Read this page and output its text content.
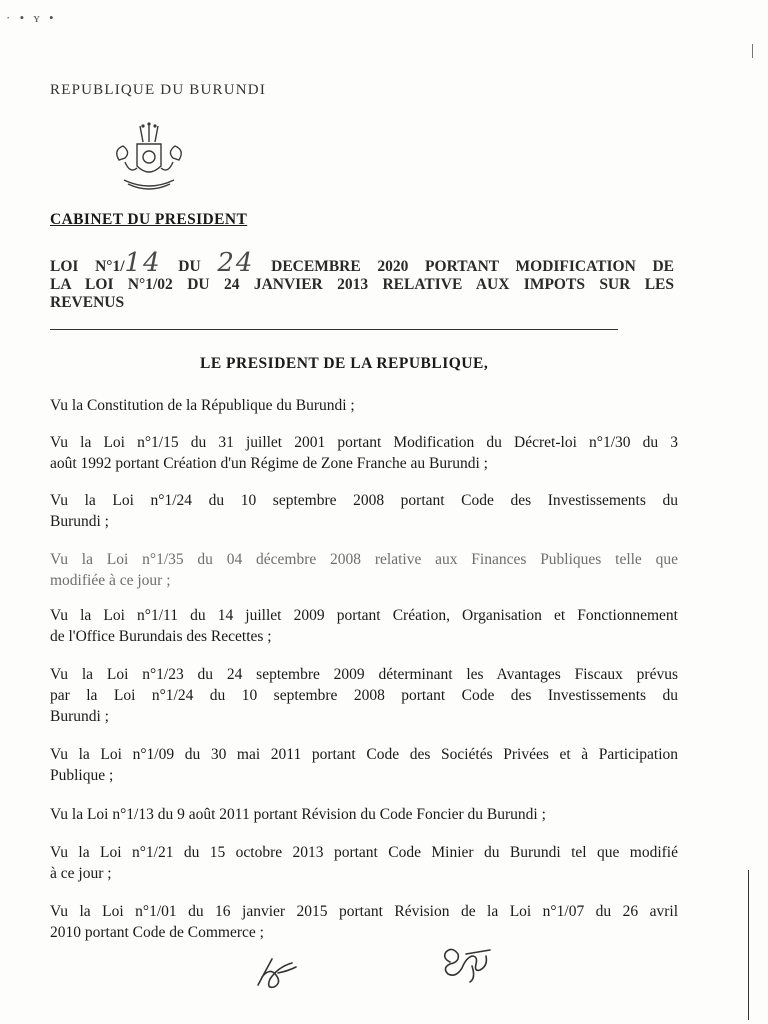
· • ʏ •
REPUBLIQUE DU BURUNDI
CABINET DU PRESIDENT
LOI N°1/14 DU 24 DECEMBRE 2020 PORTANT MODIFICATION DE
LA LOI N°1/02 DU 24 JANVIER 2013 RELATIVE AUX IMPOTS SUR LES
REVENUS
LE PRESIDENT DE LA REPUBLIQUE,
Vu la Constitution de la République du Burundi ;
Vu la Loi n°1/15 du 31 juillet 2001 portant Modification du Décret-loi n°1/30 du 3
août 1992 portant Création d'un Régime de Zone Franche au Burundi ;
Vu la Loi n°1/24 du 10 septembre 2008 portant Code des Investissements du
Burundi ;
Vu la Loi n°1/35 du 04 décembre 2008 relative aux Finances Publiques telle que
modifiée à ce jour ;
Vu la Loi n°1/11 du 14 juillet 2009 portant Création, Organisation et Fonctionnement
de l'Office Burundais des Recettes ;
Vu la Loi n°1/23 du 24 septembre 2009 déterminant les Avantages Fiscaux prévus
par la Loi n°1/24 du 10 septembre 2008 portant Code des Investissements du
Burundi ;
Vu la Loi n°1/09 du 30 mai 2011 portant Code des Sociétés Privées et à Participation
Publique ;
Vu la Loi n°1/13 du 9 août 2011 portant Révision du Code Foncier du Burundi ;
Vu la Loi n°1/21 du 15 octobre 2013 portant Code Minier du Burundi tel que modifié
à ce jour ;
Vu la Loi n°1/01 du 16 janvier 2015 portant Révision de la Loi n°1/07 du 26 avril
2010 portant Code de Commerce ;
